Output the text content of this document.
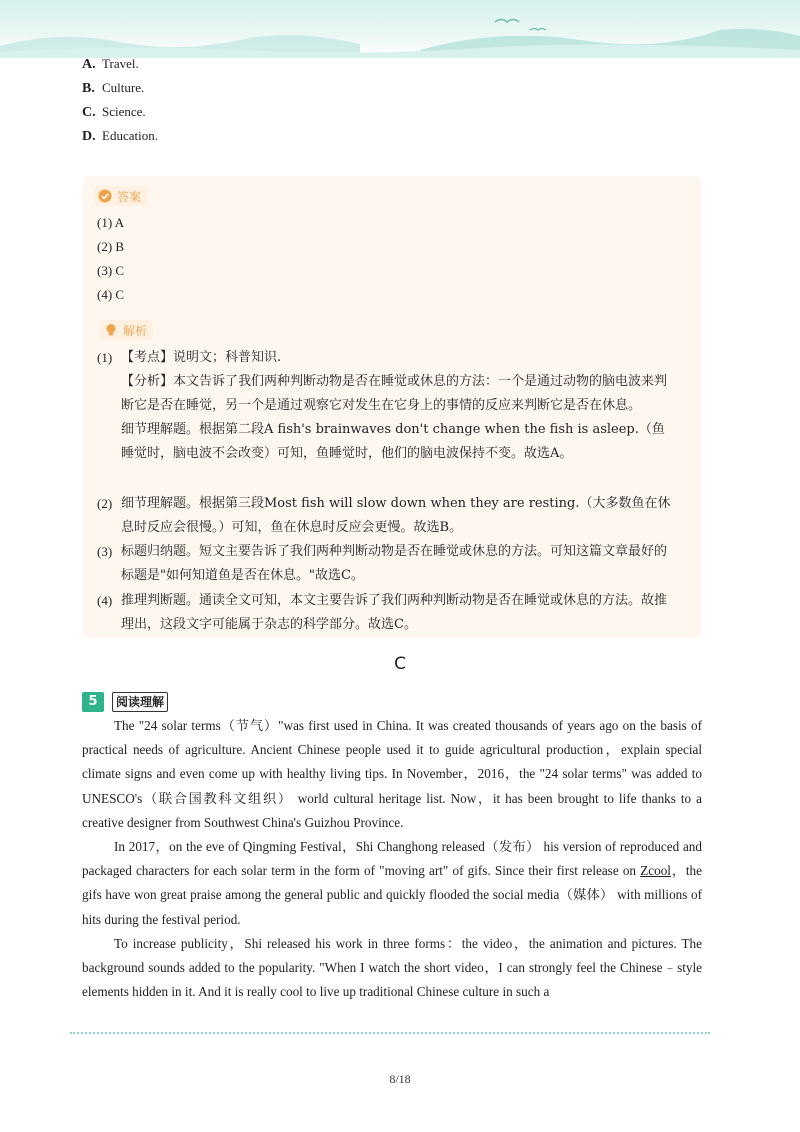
A. Travel.
B. Culture.
C. Science.
D. Education.
答案
(1) A
(2) B
(3) C
(4) C
解析
(1) 【考点】说明文；科普知识.

【分析】本文告诉了我们两种判断动物是否在睡觉或休息的方法：一个是通过动物的脑电波来判断它是否在睡觉，另一个是通过观察它对发生在它身上的事情的反应来判断它是否在休息。

细节理解题。根据第二段A fish's brainwaves don't change when the fish is asleep.（鱼睡觉时，脑电波不会改变）可知，鱼睡觉时，他们的脑电波保持不变。故选A。

(2) 细节理解题。根据第三段Most fish will slow down when they are resting.（大多数鱼在休息时反应会很慢。）可知，鱼在休息时反应会更慢。故选B。
(3) 标题归纳题。短文主要告诉了我们两种判断动物是否在睡觉或休息的方法。可知这篇文章最好的标题是"如何知道鱼是否在休息。"故选C。
(4) 推理判断题。通读全文可知，本文主要告诉了我们两种判断动物是否在睡觉或休息的方法。故推理出，这段文字可能属于杂志的科学部分。故选C。
C
5	阅读理解

The "24 solar terms（节气）"was first used in China. It was created thousands of years ago on the basis of practical needs of agriculture. Ancient Chinese people used it to guide agricultural production，explain special climate signs and even come up with healthy living tips. In November，2016，the "24 solar terms" was added to UNESCO's（联合国教科文组织） world cultural heritage list. Now，it has been brought to life thanks to a creative designer from Southwest China's Guizhou Province.

In 2017，on the eve of Qingming Festival，Shi Changhong released（发布） his version of reproduced and packaged characters for each solar term in the form of "moving art" of gifs. Since their first release on Zcool，the gifs have won great praise among the general public and quickly flooded the social media（媒体） with millions of hits during the festival period.

To increase publicity，Shi released his work in three forms：the video，the animation and pictures. The background sounds added to the popularity. "When I watch the short video，I can strongly feel the Chinese﹣style elements hidden in it. And it is really cool to live up traditional Chinese culture in such a

8/18
